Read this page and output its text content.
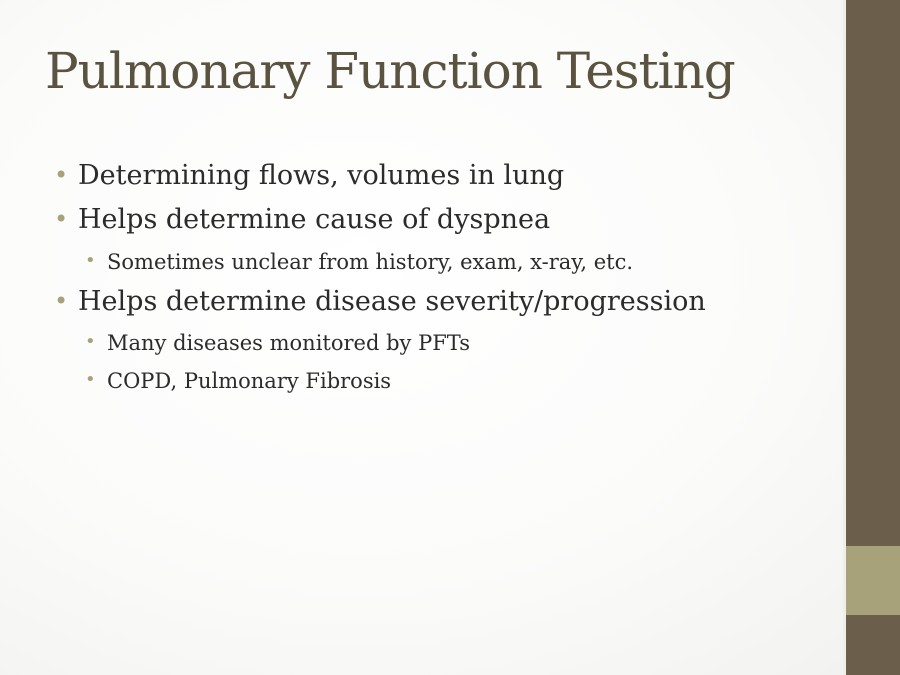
Pulmonary Function Testing
• Determining flows, volumes in lung
• Helps determine cause of dyspnea
• Sometimes unclear from history, exam, x-ray, etc.
• Helps determine disease severity/progression
• Many diseases monitored by PFTs
• COPD, Pulmonary Fibrosis
